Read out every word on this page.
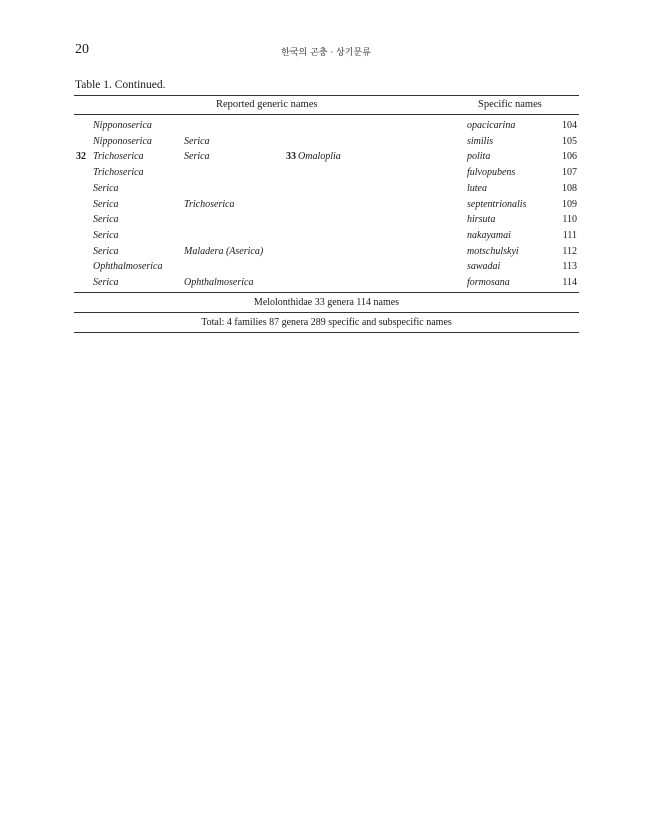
20	한국의 곤충 · 상기문류
Table 1. Continued.
Reported generic names	Specific names
Nipponoserica	opacicarina	104
Nipponoserica	Serica	similis	105
32 Trichoserica	Serica	33 Omaloplia	polita	106
Trichoserica	fulvopubens	107
Serica	lutea	108
Serica	Trichoserica	septentrionalis	109
Serica	hirsuta	110
Serica	nakayamai	111
Serica	Maladera (Aserica)	motschulskyi	112
Ophthalmoserica	sawadai	113
Serica	Ophthalmoserica	formosana	114
Melolonthidae 33 genera 114 names
Total: 4 families 87 genera 289 specific and subspecific names
